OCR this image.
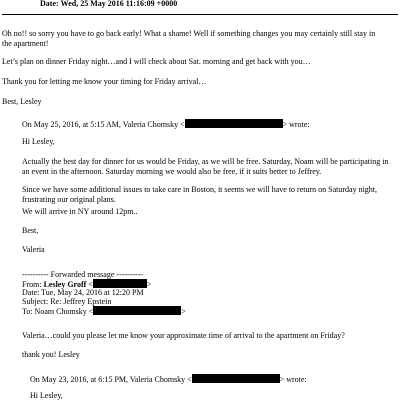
Date: Wed, 25 May 2016 11:16:09 +0000
Oh no!! so sorry you have to go back early! What a shame! Well if something changes you may certainly still stay in the apartment!
Let’s plan on dinner Friday night…and I will check about Sat. morning and get back with you…
Thank you for letting me know your timing for Friday arrival…
Best, Lesley
On May 25, 2016, at 5:15 AM, Valeria Chomsky <	> wrote:
Hi Lesley,
Actually the best day for dinner for us would be Friday, as we will be free. Saturday, Noam will be participating in an event in the afternoon. Saturday morning we would also be free, if it suits better to Jeffrey.
Since we have some additional issues to take care in Boston, it seems we will have to return on Saturday night, frustrating our original plans.
We will arrive in NY around 12pm..
Best,
Valeria
---------- Forwarded message ----------
From: Lesley Groff <	>
Date: Tue, May 24, 2016 at 12:20 PM
Subject: Re: Jeffrey Epstein
To: Noam Chomsky <	>
Valeria…could you please let me know your approximate time of arrival to the apartment on Friday?
thank you! Lesley
On May 23, 2016, at 6:15 PM, Valeria Chomsky <	> wrote:
Hi Lesley,
